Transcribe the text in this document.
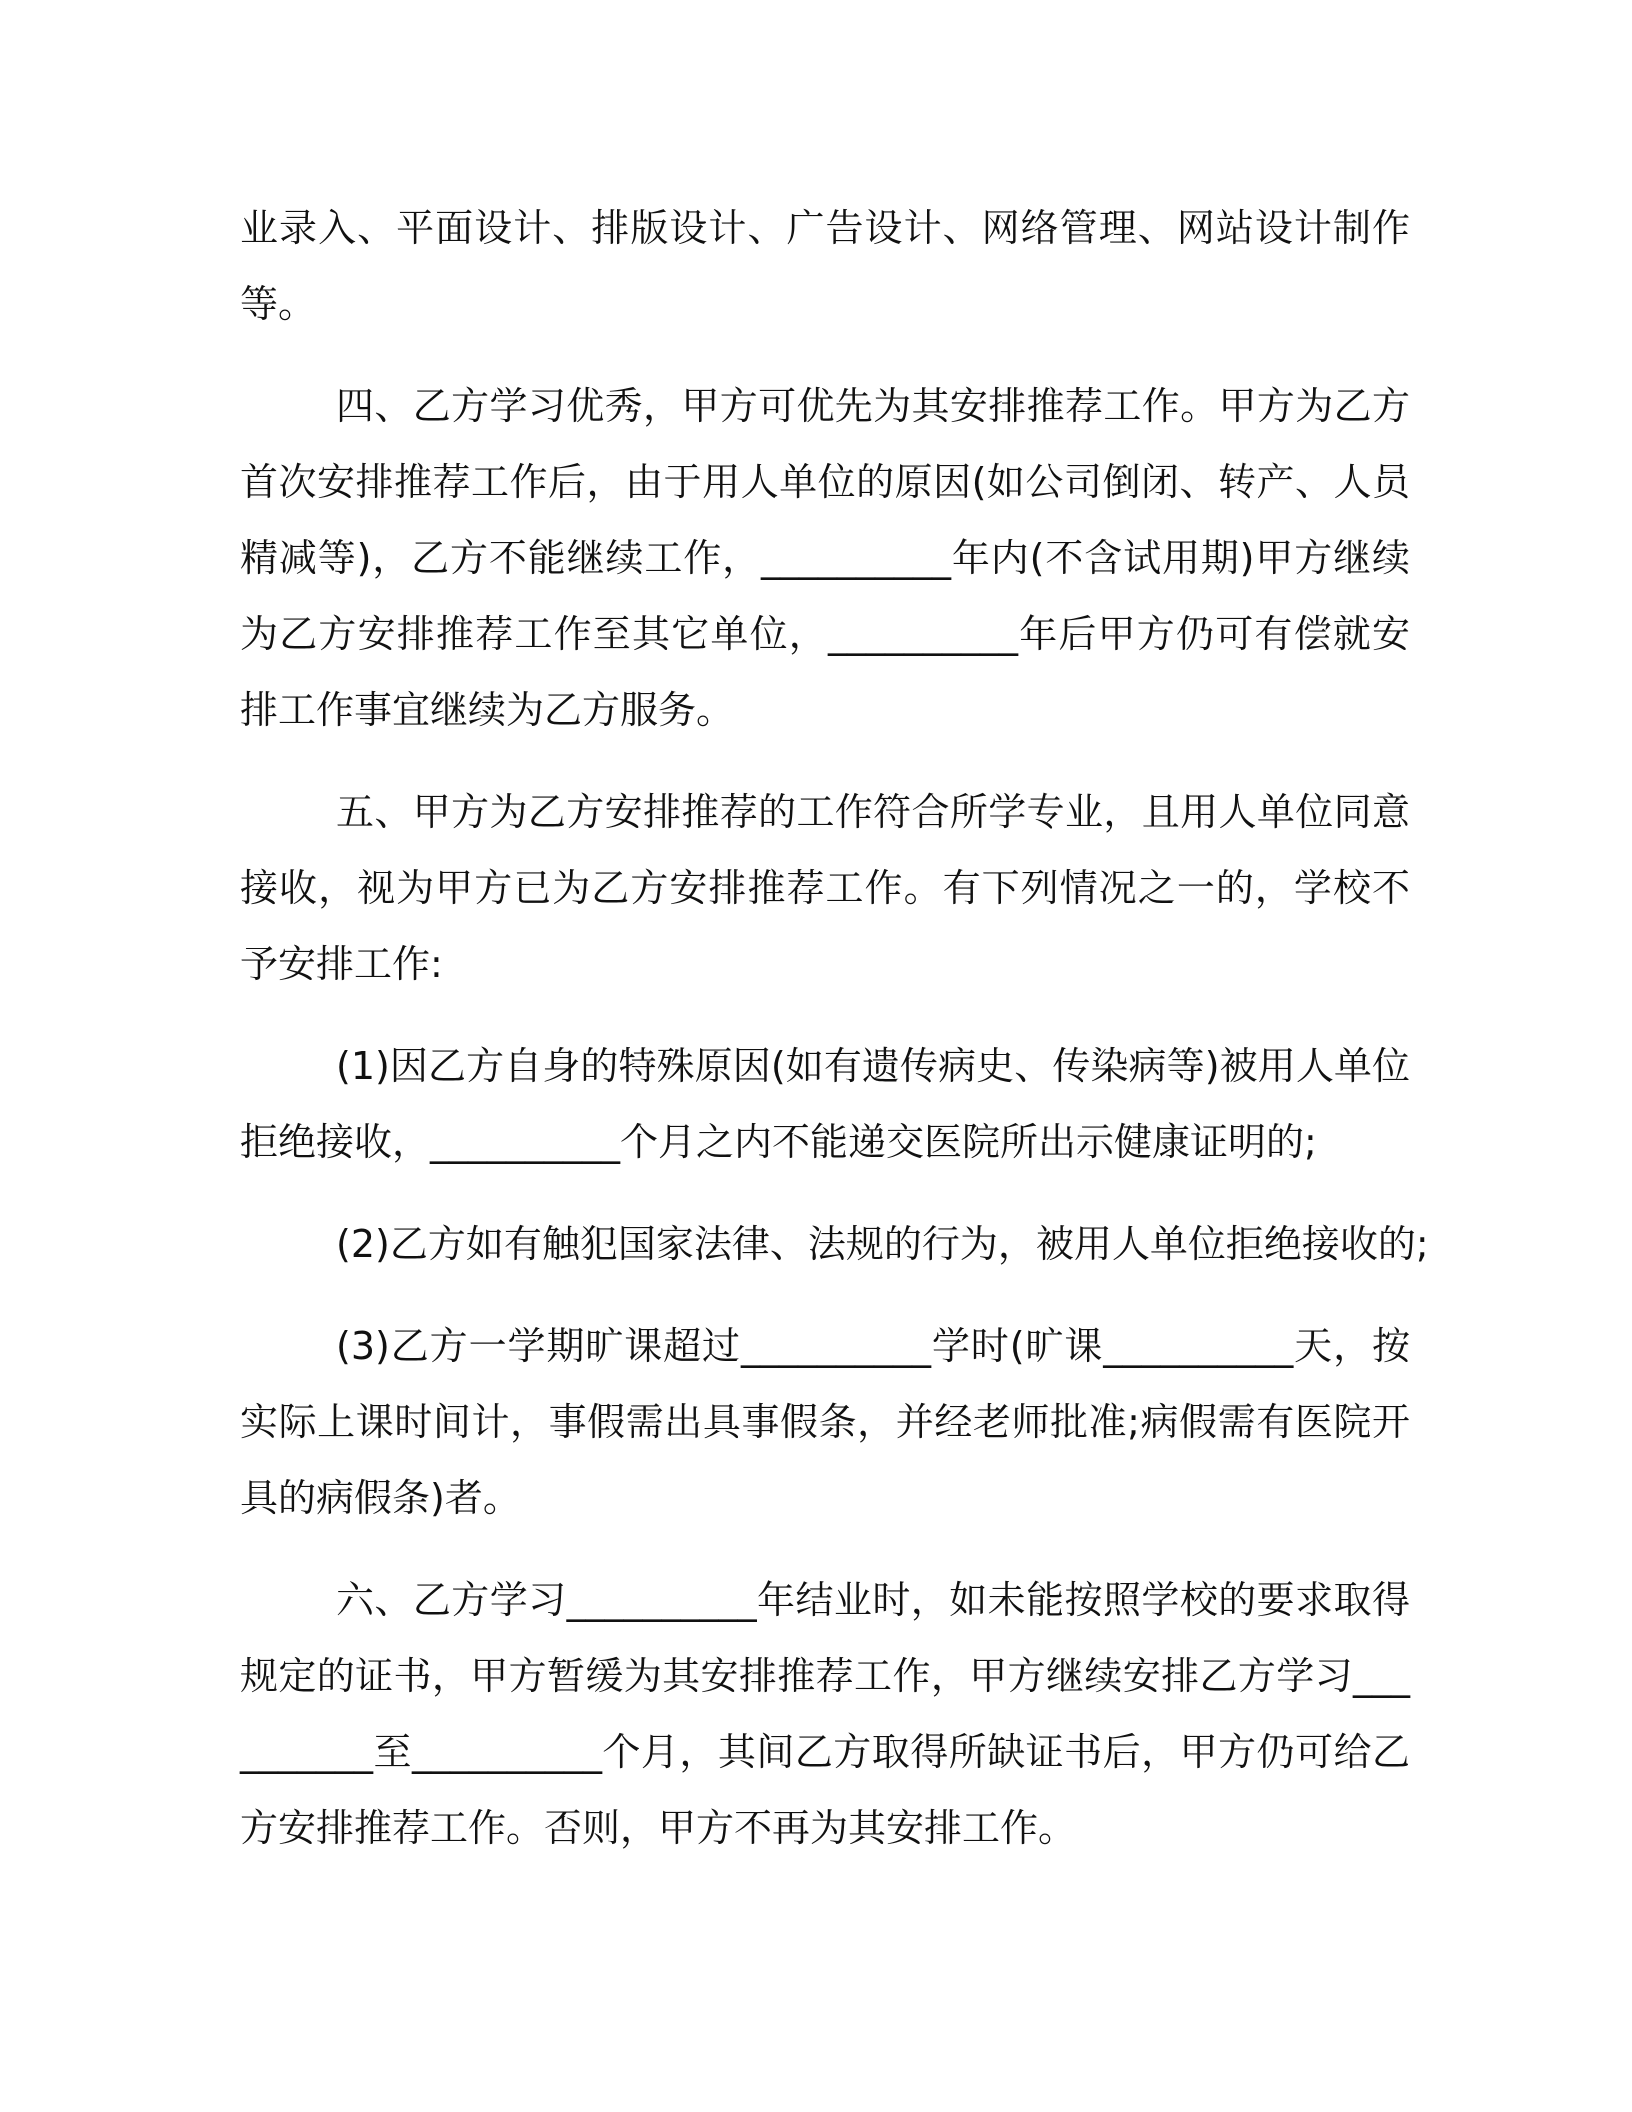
业录入、平面设计、排版设计、广告设计、网络管理、网站设计制作等。

四、乙方学习优秀，甲方可优先为其安排推荐工作。甲方为乙方首次安排推荐工作后，由于用人单位的原因(如公司倒闭、转产、人员精减等)，乙方不能继续工作，__________年内(不含试用期)甲方继续为乙方安排推荐工作至其它单位，__________年后甲方仍可有偿就安排工作事宜继续为乙方服务。

五、甲方为乙方安排推荐的工作符合所学专业，且用人单位同意接收，视为甲方已为乙方安排推荐工作。有下列情况之一的，学校不予安排工作:

(1)因乙方自身的特殊原因(如有遗传病史、传染病等)被用人单位拒绝接收，__________个月之内不能递交医院所出示健康证明的;

(2)乙方如有触犯国家法律、法规的行为，被用人单位拒绝接收的;

(3)乙方一学期旷课超过__________学时(旷课__________天，按实际上课时间计，事假需出具事假条，并经老师批准;病假需有医院开具的病假条)者。

六、乙方学习__________年结业时，如未能按照学校的要求取得规定的证书，甲方暂缓为其安排推荐工作，甲方继续安排乙方学习__________至__________个月，其间乙方取得所缺证书后，甲方仍可给乙方安排推荐工作。否则，甲方不再为其安排工作。
